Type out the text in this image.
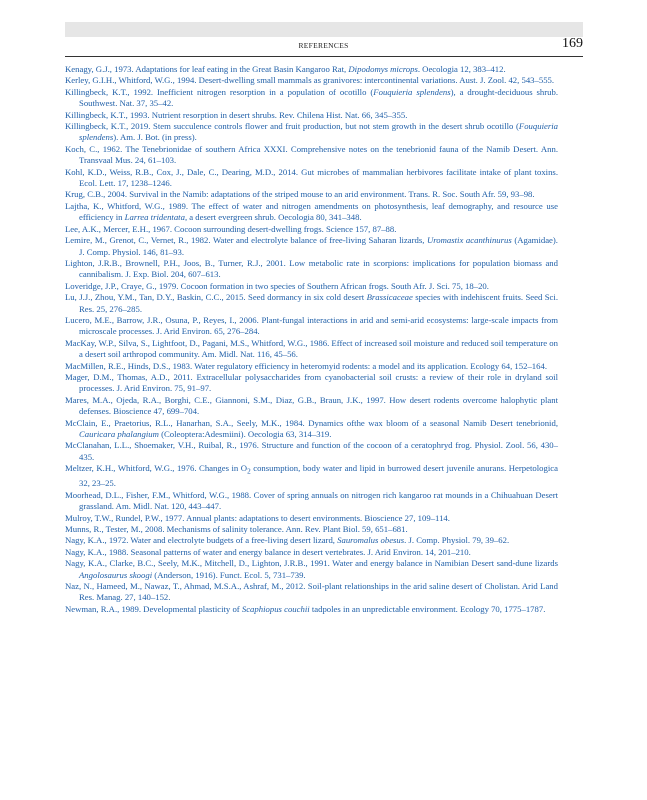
REFERENCES	169
Kenagy, G.J., 1973. Adaptations for leaf eating in the Great Basin Kangaroo Rat, Dipodomys microps. Oecologia 12, 383–412.
Kerley, G.I.H., Whitford, W.G., 1994. Desert-dwelling small mammals as granivores: intercontinental variations. Aust. J. Zool. 42, 543–555.
Killingbeck, K.T., 1992. Inefficient nitrogen resorption in a population of ocotillo (Fouquieria splendens), a drought-deciduous shrub. Southwest. Nat. 37, 35–42.
Killingbeck, K.T., 1993. Nutrient resorption in desert shrubs. Rev. Chilena Hist. Nat. 66, 345–355.
Killingbeck, K.T., 2019. Stem succulence controls flower and fruit production, but not stem growth in the desert shrub ocotillo (Fouquieria splendens). Am. J. Bot. (in press).
Koch, C., 1962. The Tenebrionidae of southern Africa XXXI. Comprehensive notes on the tenebrionid fauna of the Namib Desert. Ann. Transvaal Mus. 24, 61–103.
Kohl, K.D., Weiss, R.B., Cox, J., Dale, C., Dearing, M.D., 2014. Gut microbes of mammalian herbivores facilitate intake of plant toxins. Ecol. Lett. 17, 1238–1246.
Krug, C.B., 2004. Survival in the Namib: adaptations of the striped mouse to an arid environment. Trans. R. Soc. South Afr. 59, 93–98.
Lajtha, K., Whitford, W.G., 1989. The effect of water and nitrogen amendments on photosynthesis, leaf demography, and resource use efficiency in Larrea tridentata, a desert evergreen shrub. Oecologia 80, 341–348.
Lee, A.K., Mercer, E.H., 1967. Cocoon surrounding desert-dwelling frogs. Science 157, 87–88.
Lemire, M., Grenot, C., Vernet, R., 1982. Water and electrolyte balance of free-living Saharan lizards, Uromastix acanthinurus (Agamidae). J. Comp. Physiol. 146, 81–93.
Lighton, J.R.B., Brownell, P.H., Joos, B., Turner, R.J., 2001. Low metabolic rate in scorpions: implications for population biomass and cannibalism. J. Exp. Biol. 204, 607–613.
Loveridge, J.P., Craye, G., 1979. Cocoon formation in two species of Southern African frogs. South Afr. J. Sci. 75, 18–20.
Lu, J.J., Zhou, Y.M., Tan, D.Y., Baskin, C.C., 2015. Seed dormancy in six cold desert Brassicaceae species with indehiscent fruits. Seed Sci. Res. 25, 276–285.
Lucero, M.E., Barrow, J.R., Osuna, P., Reyes, I., 2006. Plant-fungal interactions in arid and semi-arid ecosystems: large-scale impacts from microscale processes. J. Arid Environ. 65, 276–284.
MacKay, W.P., Silva, S., Lightfoot, D., Pagani, M.S., Whitford, W.G., 1986. Effect of increased soil moisture and reduced soil temperature on a desert soil arthropod community. Am. Midl. Nat. 116, 45–56.
MacMillen, R.E., Hinds, D.S., 1983. Water regulatory efficiency in heteromyid rodents: a model and its application. Ecology 64, 152–164.
Mager, D.M., Thomas, A.D., 2011. Extracellular polysaccharides from cyanobacterial soil crusts: a review of their role in dryland soil processes. J. Arid Environ. 75, 91–97.
Mares, M.A., Ojeda, R.A., Borghi, C.E., Giannoni, S.M., Diaz, G.B., Braun, J.K., 1997. How desert rodents overcome halophytic plant defenses. Bioscience 47, 699–704.
McClain, E., Praetorius, R.L., Hanarhan, S.A., Seely, M.K., 1984. Dynamics ofthe wax bloom of a seasonal Namib Desert tenebrionid, Cauricara phalangium (Coleoptera:Adesmiini). Oecologia 63, 314–319.
McClanahan, L.L., Shoemaker, V.H., Ruibal, R., 1976. Structure and function of the cocoon of a ceratophryd frog. Physiol. Zool. 56, 430–435.
Meltzer, K.H., Whitford, W.G., 1976. Changes in $O_2$ consumption, body water and lipid in burrowed desert juvenile anurans. Herpetologica 32, 23–25.
Moorhead, D.L., Fisher, F.M., Whitford, W.G., 1988. Cover of spring annuals on nitrogen rich kangaroo rat mounds in a Chihuahuan Desert grassland. Am. Midl. Nat. 120, 443–447.
Mulroy, T.W., Rundel, P.W., 1977. Annual plants: adaptations to desert environments. Bioscience 27, 109–114.
Munns, R., Tester, M., 2008. Mechanisms of salinity tolerance. Ann. Rev. Plant Biol. 59, 651–681.
Nagy, K.A., 1972. Water and electrolyte budgets of a free-living desert lizard, Sauromalus obesus. J. Comp. Physiol. 79, 39–62.
Nagy, K.A., 1988. Seasonal patterns of water and energy balance in desert vertebrates. J. Arid Environ. 14, 201–210.
Nagy, K.A., Clarke, B.C., Seely, M.K., Mitchell, D., Lighton, J.R.B., 1991. Water and energy balance in Namibian Desert sand-dune lizards Angolosaurus skoogi (Anderson, 1916). Funct. Ecol. 5, 731–739.
Naz, N., Hameed, M., Nawaz, T., Ahmad, M.S.A., Ashraf, M., 2012. Soil-plant relationships in the arid saline desert of Cholistan. Arid Land Res. Manag. 27, 140–152.
Newman, R.A., 1989. Developmental plasticity of Scaphiopus couchii tadpoles in an unpredictable environment. Ecology 70, 1775–1787.
